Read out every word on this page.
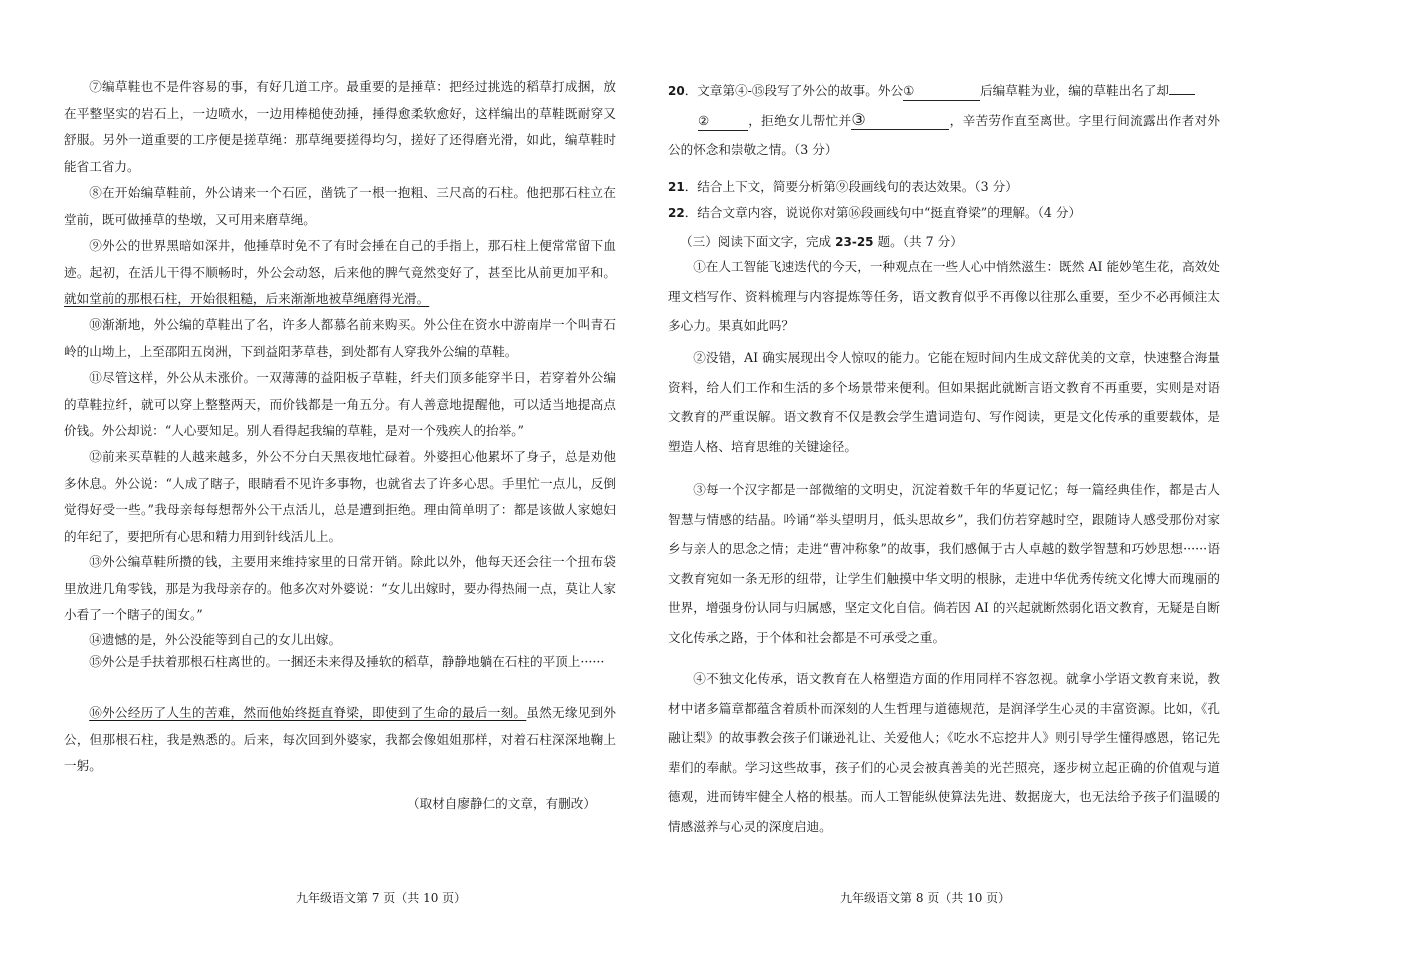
⑦编草鞋也不是件容易的事，有好几道工序。最重要的是捶草：把经过挑选的稻草打成捆，放在平整坚实的岩石上，一边喷水，一边用棒槌使劲捶，捶得愈柔软愈好，这样编出的草鞋既耐穿又舒服。另外一道重要的工序便是搓草绳：那草绳要搓得均匀，搓好了还得磨光滑，如此，编草鞋时能省工省力。

⑧在开始编草鞋前，外公请来一个石匠，凿铣了一根一抱粗、三尺高的石柱。他把那石柱立在堂前，既可做捶草的垫墩，又可用来磨草绳。

⑨外公的世界黑暗如深井，他捶草时免不了有时会捶在自己的手指上，那石柱上便常常留下血迹。起初，在活儿干得不顺畅时，外公会动怒，后来他的脾气竟然变好了，甚至比从前更加平和。就如堂前的那根石柱，开始很粗糙，后来渐渐地被草绳磨得光滑。

⑩渐渐地，外公编的草鞋出了名，许多人都慕名前来购买。外公住在资水中游南岸一个叫青石岭的山坳上，上至邵阳五岗洲，下到益阳茅草巷，到处都有人穿我外公编的草鞋。

⑪尽管这样，外公从未涨价。一双薄薄的益阳板子草鞋，纤夫们顶多能穿半日，若穿着外公编的草鞋拉纤，就可以穿上整整两天，而价钱都是一角五分。有人善意地提醒他，可以适当地提高点价钱。外公却说：“人心要知足。别人看得起我编的草鞋，是对一个残疾人的抬举。”

⑫前来买草鞋的人越来越多，外公不分白天黑夜地忙碌着。外婆担心他累坏了身子，总是劝他多休息。外公说：“人成了瞎子，眼睛看不见许多事物，也就省去了许多心思。手里忙一点儿，反倒觉得好受一些。”我母亲每每想帮外公干点活儿，总是遭到拒绝。理由简单明了：都是该做人家媳妇的年纪了，要把所有心思和精力用到针线活儿上。

⑬外公编草鞋所攒的钱，主要用来维持家里的日常开销。除此以外，他每天还会往一个扭布袋里放进几角零钱，那是为我母亲存的。他多次对外婆说：“女儿出嫁时，要办得热闹一点，莫让人家小看了一个瞎子的闺女。”

⑭遗憾的是，外公没能等到自己的女儿出嫁。

⑮外公是手扶着那根石柱离世的。一捆还未来得及捶软的稻草，静静地躺在石柱的平顶上······

⑯外公经历了人生的苦难，然而他始终挺直脊梁，即使到了生命的最后一刻。虽然无缘见到外公，但那根石柱，我是熟悉的。后来，每次回到外婆家，我都会像姐姐那样，对着石柱深深地鞠上一躬。

（取材自廖静仁的文章，有删改）
九年级语文第 7 页（共 10 页）
20．文章第④-⑮段写了外公的故事。外公①	后编草鞋为业，编的草鞋出名了却
②	，拒绝女儿帮忙并③	，辛苦劳作直至离世。字里行间流露出作者对外公的怀念和崇敬之情。（3 分）
21．结合上下文，简要分析第⑨段画线句的表达效果。（3 分）
22．结合文章内容，说说你对第⑯段画线句中“挺直脊梁”的理解。（4 分）
（三）阅读下面文字，完成 23-25 题。（共 7 分）

①在人工智能飞速迭代的今天，一种观点在一些人心中悄然滋生：既然 AI 能妙笔生花，高效处理文档写作、资料梳理与内容提炼等任务，语文教育似乎不再像以往那么重要，至少不必再倾注太多心力。果真如此吗？

②没错，AI 确实展现出令人惊叹的能力。它能在短时间内生成文辞优美的文章，快速整合海量资料，给人们工作和生活的多个场景带来便利。但如果据此就断言语文教育不再重要，实则是对语文教育的严重误解。语文教育不仅是教会学生遣词造句、写作阅读，更是文化传承的重要载体，是塑造人格、培育思维的关键途径。

③每一个汉字都是一部微缩的文明史，沉淀着数千年的华夏记忆；每一篇经典佳作，都是古人智慧与情感的结晶。吟诵“举头望明月，低头思故乡”，我们仿若穿越时空，跟随诗人感受那份对家乡与亲人的思念之情；走进“曹冲称象”的故事，我们感佩于古人卓越的数学智慧和巧妙思想······语文教育宛如一条无形的纽带，让学生们触摸中华文明的根脉，走进中华优秀传统文化博大而瑰丽的世界，增强身份认同与归属感，坚定文化自信。倘若因 AI 的兴起就断然弱化语文教育，无疑是自断文化传承之路，于个体和社会都是不可承受之重。

④不独文化传承，语文教育在人格塑造方面的作用同样不容忽视。就拿小学语文教育来说，教材中诸多篇章都蕴含着质朴而深刻的人生哲理与道德规范，是润泽学生心灵的丰富资源。比如，《孔融让梨》的故事教会孩子们谦逊礼让、关爱他人；《吃水不忘挖井人》则引导学生懂得感恩，铭记先辈们的奉献。学习这些故事，孩子们的心灵会被真善美的光芒照亮，逐步树立起正确的价值观与道德观，进而铸牢健全人格的根基。而人工智能纵使算法先进、数据庞大，也无法给予孩子们温暖的情感滋养与心灵的深度启迪。

九年级语文第 8 页（共 10 页）
